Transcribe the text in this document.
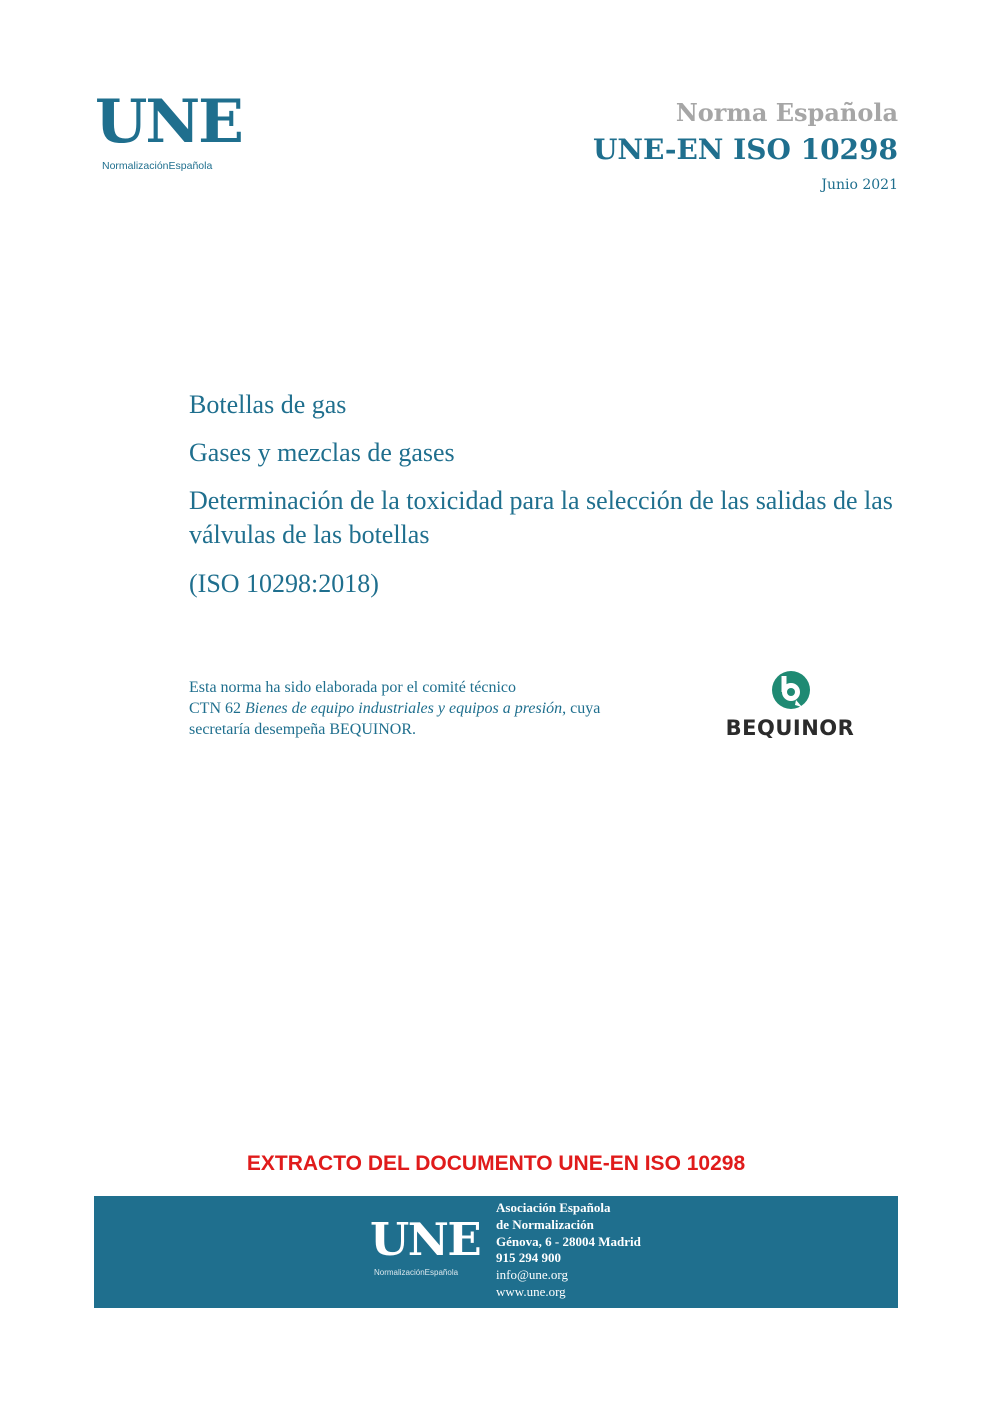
UNE
NormalizaciónEspañola
Norma Española
UNE-EN ISO 10298
Junio 2021
Botellas de gas
Gases y mezclas de gases
Determinación de la toxicidad para la selección de las salidas de las válvulas de las botellas
(ISO 10298:2018)
Esta norma ha sido elaborada por el comité técnico
CTN 62 Bienes de equipo industriales y equipos a presión, cuya secretaría desempeña BEQUINOR.	BEQUINOR
EXTRACTO DEL DOCUMENTO UNE-EN ISO 10298
UNE
NormalizaciónEspañola
Asociación Española
de Normalización
Génova, 6 - 28004 Madrid
915 294 900
info@une.org
www.une.org
